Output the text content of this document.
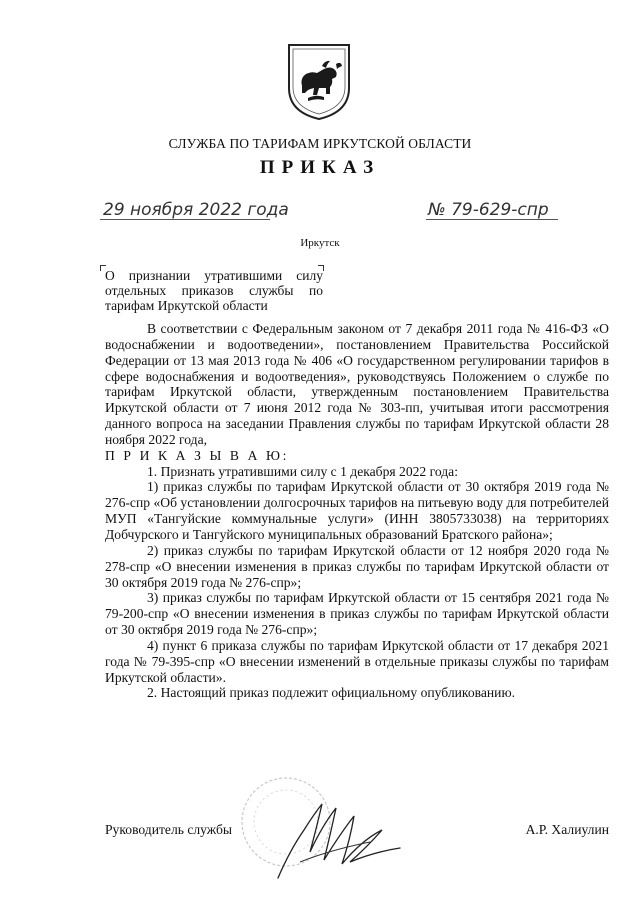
СЛУЖБА ПО ТАРИФАМ ИРКУТСКОЙ ОБЛАСТИ
ПРИКАЗ
29 ноября 2022 года	№ 79-629-спр
Иркутск
О признании утратившими силу отдельных приказов службы по тарифам Иркутской области

В соответствии с Федеральным законом от 7 декабря 2011 года № 416-ФЗ «О водоснабжении и водоотведении», постановлением Правительства Российской Федерации от 13 мая 2013 года № 406 «О государственном регулировании тарифов в сфере водоснабжения и водоотведения», руководствуясь Положением о службе по тарифам Иркутской области, утвержденным постановлением Правительства Иркутской области от 7 июня 2012 года № 303-пп, учитывая итоги рассмотрения данного вопроса на заседании Правления службы по тарифам Иркутской области 28 ноября 2022 года,

П Р И К А З Ы В А Ю:

1. Признать утратившими силу с 1 декабря 2022 года:

1) приказ службы по тарифам Иркутской области от 30 октября 2019 года № 276-спр «Об установлении долгосрочных тарифов на питьевую воду для потребителей МУП «Тангуйские коммунальные услуги» (ИНН 3805733038) на территориях Добчурского и Тангуйского муниципальных образований Братского района»;

2) приказ службы по тарифам Иркутской области от 12 ноября 2020 года № 278-спр «О внесении изменения в приказ службы по тарифам Иркутской области от 30 октября 2019 года № 276-спр»;

3) приказ службы по тарифам Иркутской области от 15 сентября 2021 года № 79-200-спр «О внесении изменения в приказ службы по тарифам Иркутской области от 30 октября 2019 года № 276-спр»;

4) пункт 6 приказа службы по тарифам Иркутской области от 17 декабря 2021 года № 79-395-спр «О внесении изменений в отдельные приказы службы по тарифам Иркутской области».

2. Настоящий приказ подлежит официальному опубликованию.

Руководитель службы	А.Р. Халиулин
